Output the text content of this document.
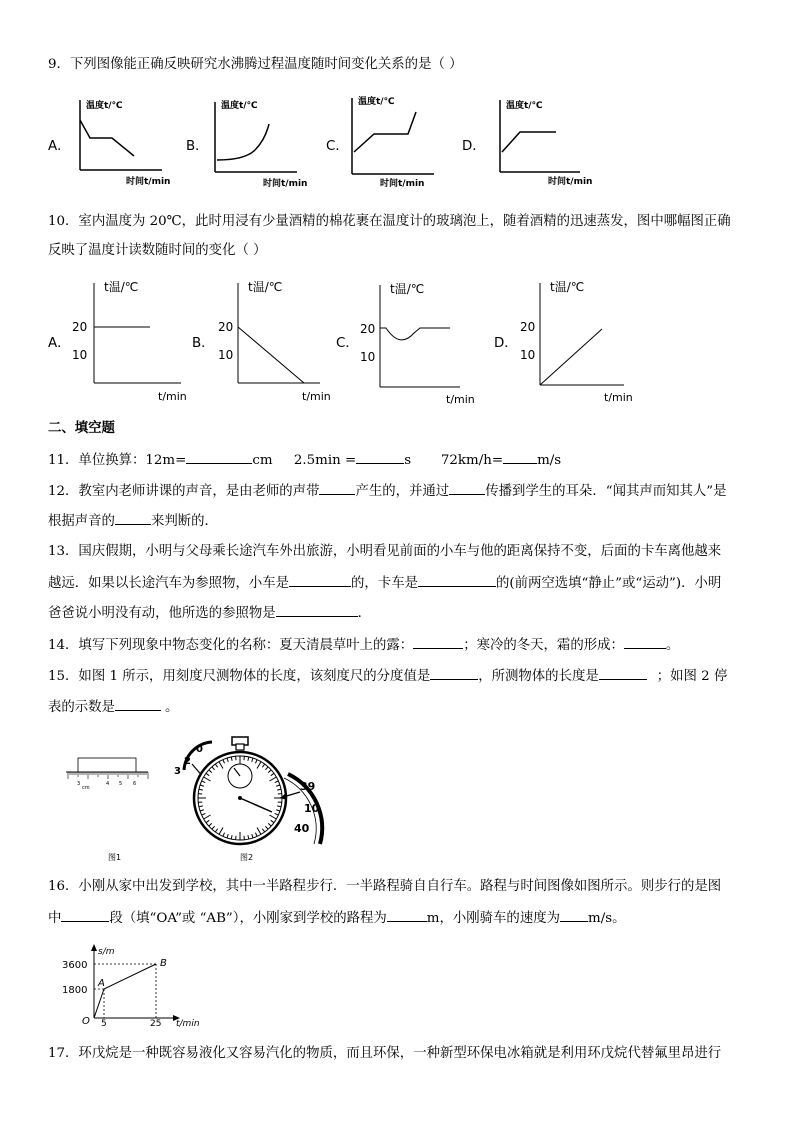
9．下列图像能正确反映研究水沸腾过程温度随时间变化关系的是（ ）
A．
温度t/℃
时间t/min
B．
温度t/℃
时间t/min
C．
温度t/℃
时间t/min
D．
温度t/℃
时间t/min
10．室内温度为 20℃，此时用浸有少量酒精的棉花裹在温度计的玻璃泡上，随着酒精的迅速蒸发，图中哪幅图正确
反映了温度计读数随时间的变化（ ）
A．
t温/℃
20
10
t/min
B．
t温/℃
20
10
t/min
C．
t温/℃
20
10
t/min
D．
t温/℃
20
10
t/min
二、填空题
11．单位换算：12m=	cm     2.5min =	s       72km/h=	m/s
12．教室内老师讲课的声音，是由老师的声带	产生的，并通过	传播到学生的耳朵．“闻其声而知其人”是
根据声音的	来判断的．
13．国庆假期，小明与父母乘长途汽车外出旅游，小明看见前面的小车与他的距离保持不变，后面的卡车离他越来
越远．如果以长途汽车为参照物，小车是	的，卡车是	的(前两空选填“静止”或“运动”)．小明
爸爸说小明没有动，他所选的参照物是	．
14．填写下列现象中物态变化的名称：夏天清晨草叶上的露：	；寒冷的冬天，霜的形成：	。
15．如图 1 所示，用刻度尺测物体的长度，该刻度尺的分度值是	，所测物体的长度是	；如图 2 停
表的示数是	。
3
cm
4 5 6
图1
0
2
3
39
10
40
图2
16．小刚从家中出发到学校，其中一半路程步行．一半路程骑自自行车。路程与时间图像如图所示。则步行的是图
中	段（填“OA”或 “AB”），小刚家到学校的路程为	m，小刚骑车的速度为 m/s。
s/m
3600
1800
A
B
O 5	25 t/min
17．环戊烷是一种既容易液化又容易汽化的物质，而且环保，一种新型环保电冰箱就是利用环戊烷代替氟里昂进行
